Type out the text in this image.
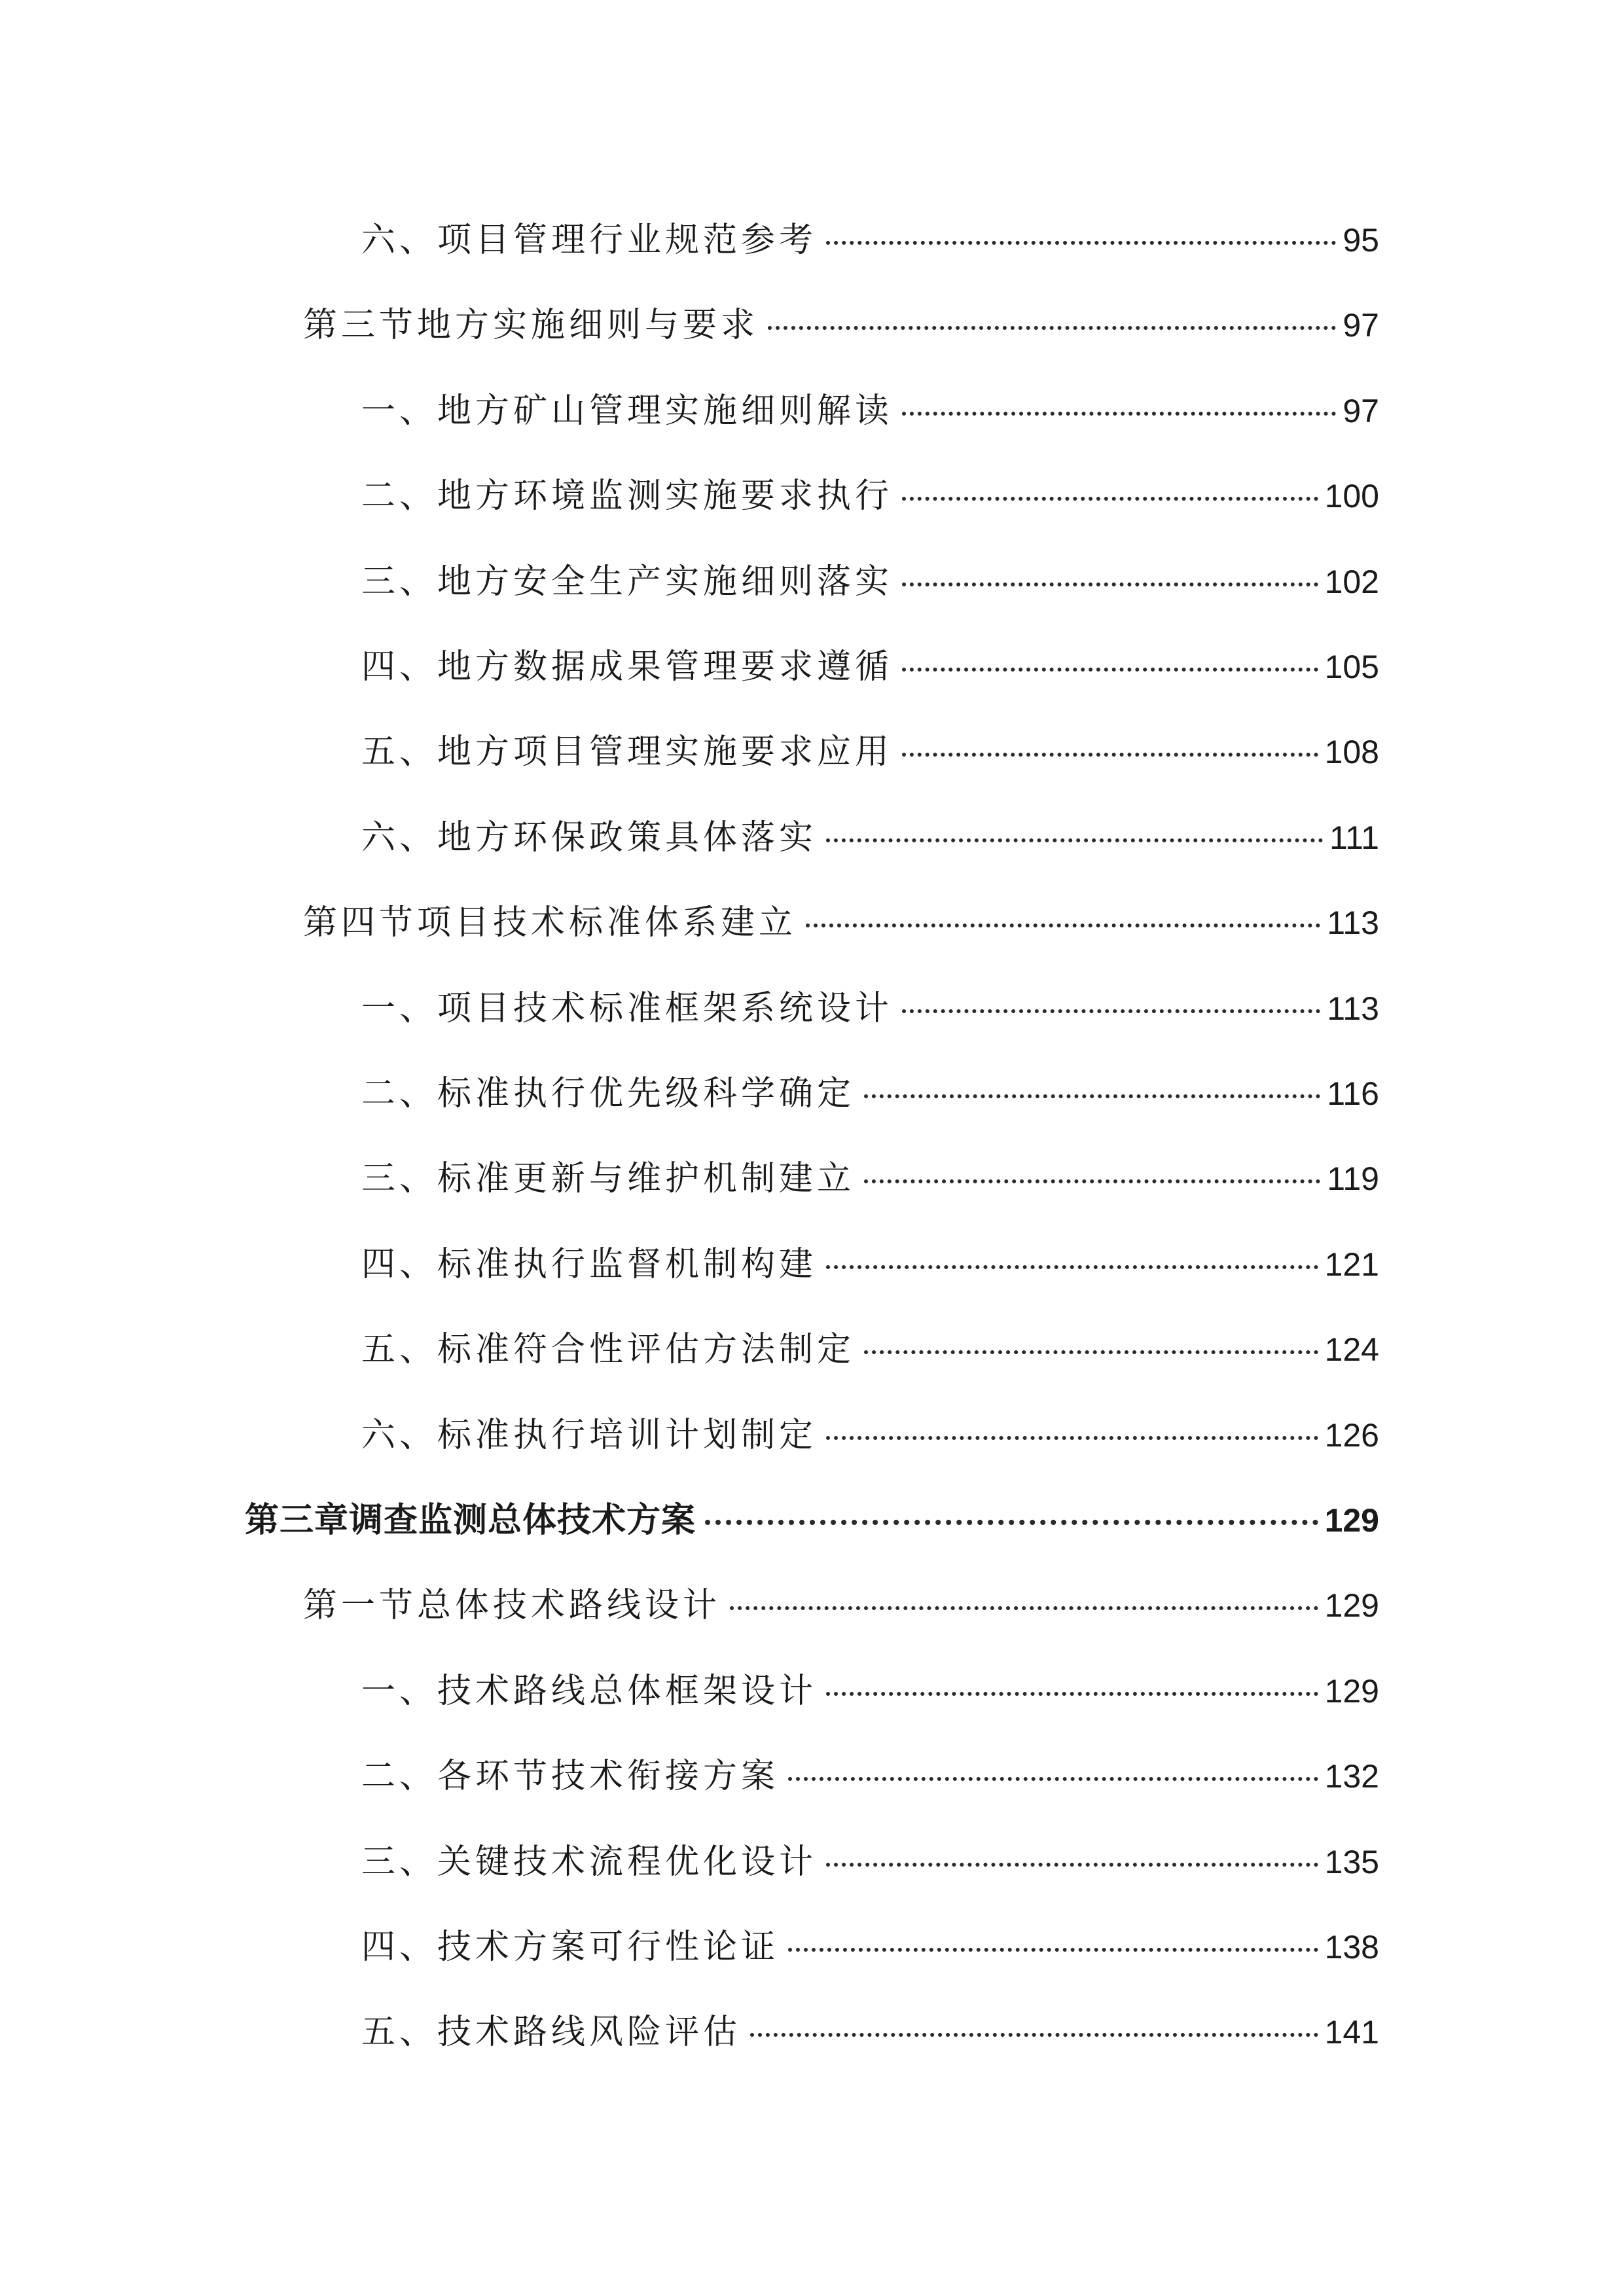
六、项目管理行业规范参考	95
第三节地方实施细则与要求	97
一、地方矿山管理实施细则解读	97
二、地方环境监测实施要求执行	100
三、地方安全生产实施细则落实	102
四、地方数据成果管理要求遵循	105
五、地方项目管理实施要求应用	108
六、地方环保政策具体落实	111
第四节项目技术标准体系建立	113
一、项目技术标准框架系统设计	113
二、标准执行优先级科学确定	116
三、标准更新与维护机制建立	119
四、标准执行监督机制构建	121
五、标准符合性评估方法制定	124
六、标准执行培训计划制定	126
第三章调查监测总体技术方案	129
第一节总体技术路线设计	129
一、技术路线总体框架设计	129
二、各环节技术衔接方案	132
三、关键技术流程优化设计	135
四、技术方案可行性论证	138
五、技术路线风险评估	141
